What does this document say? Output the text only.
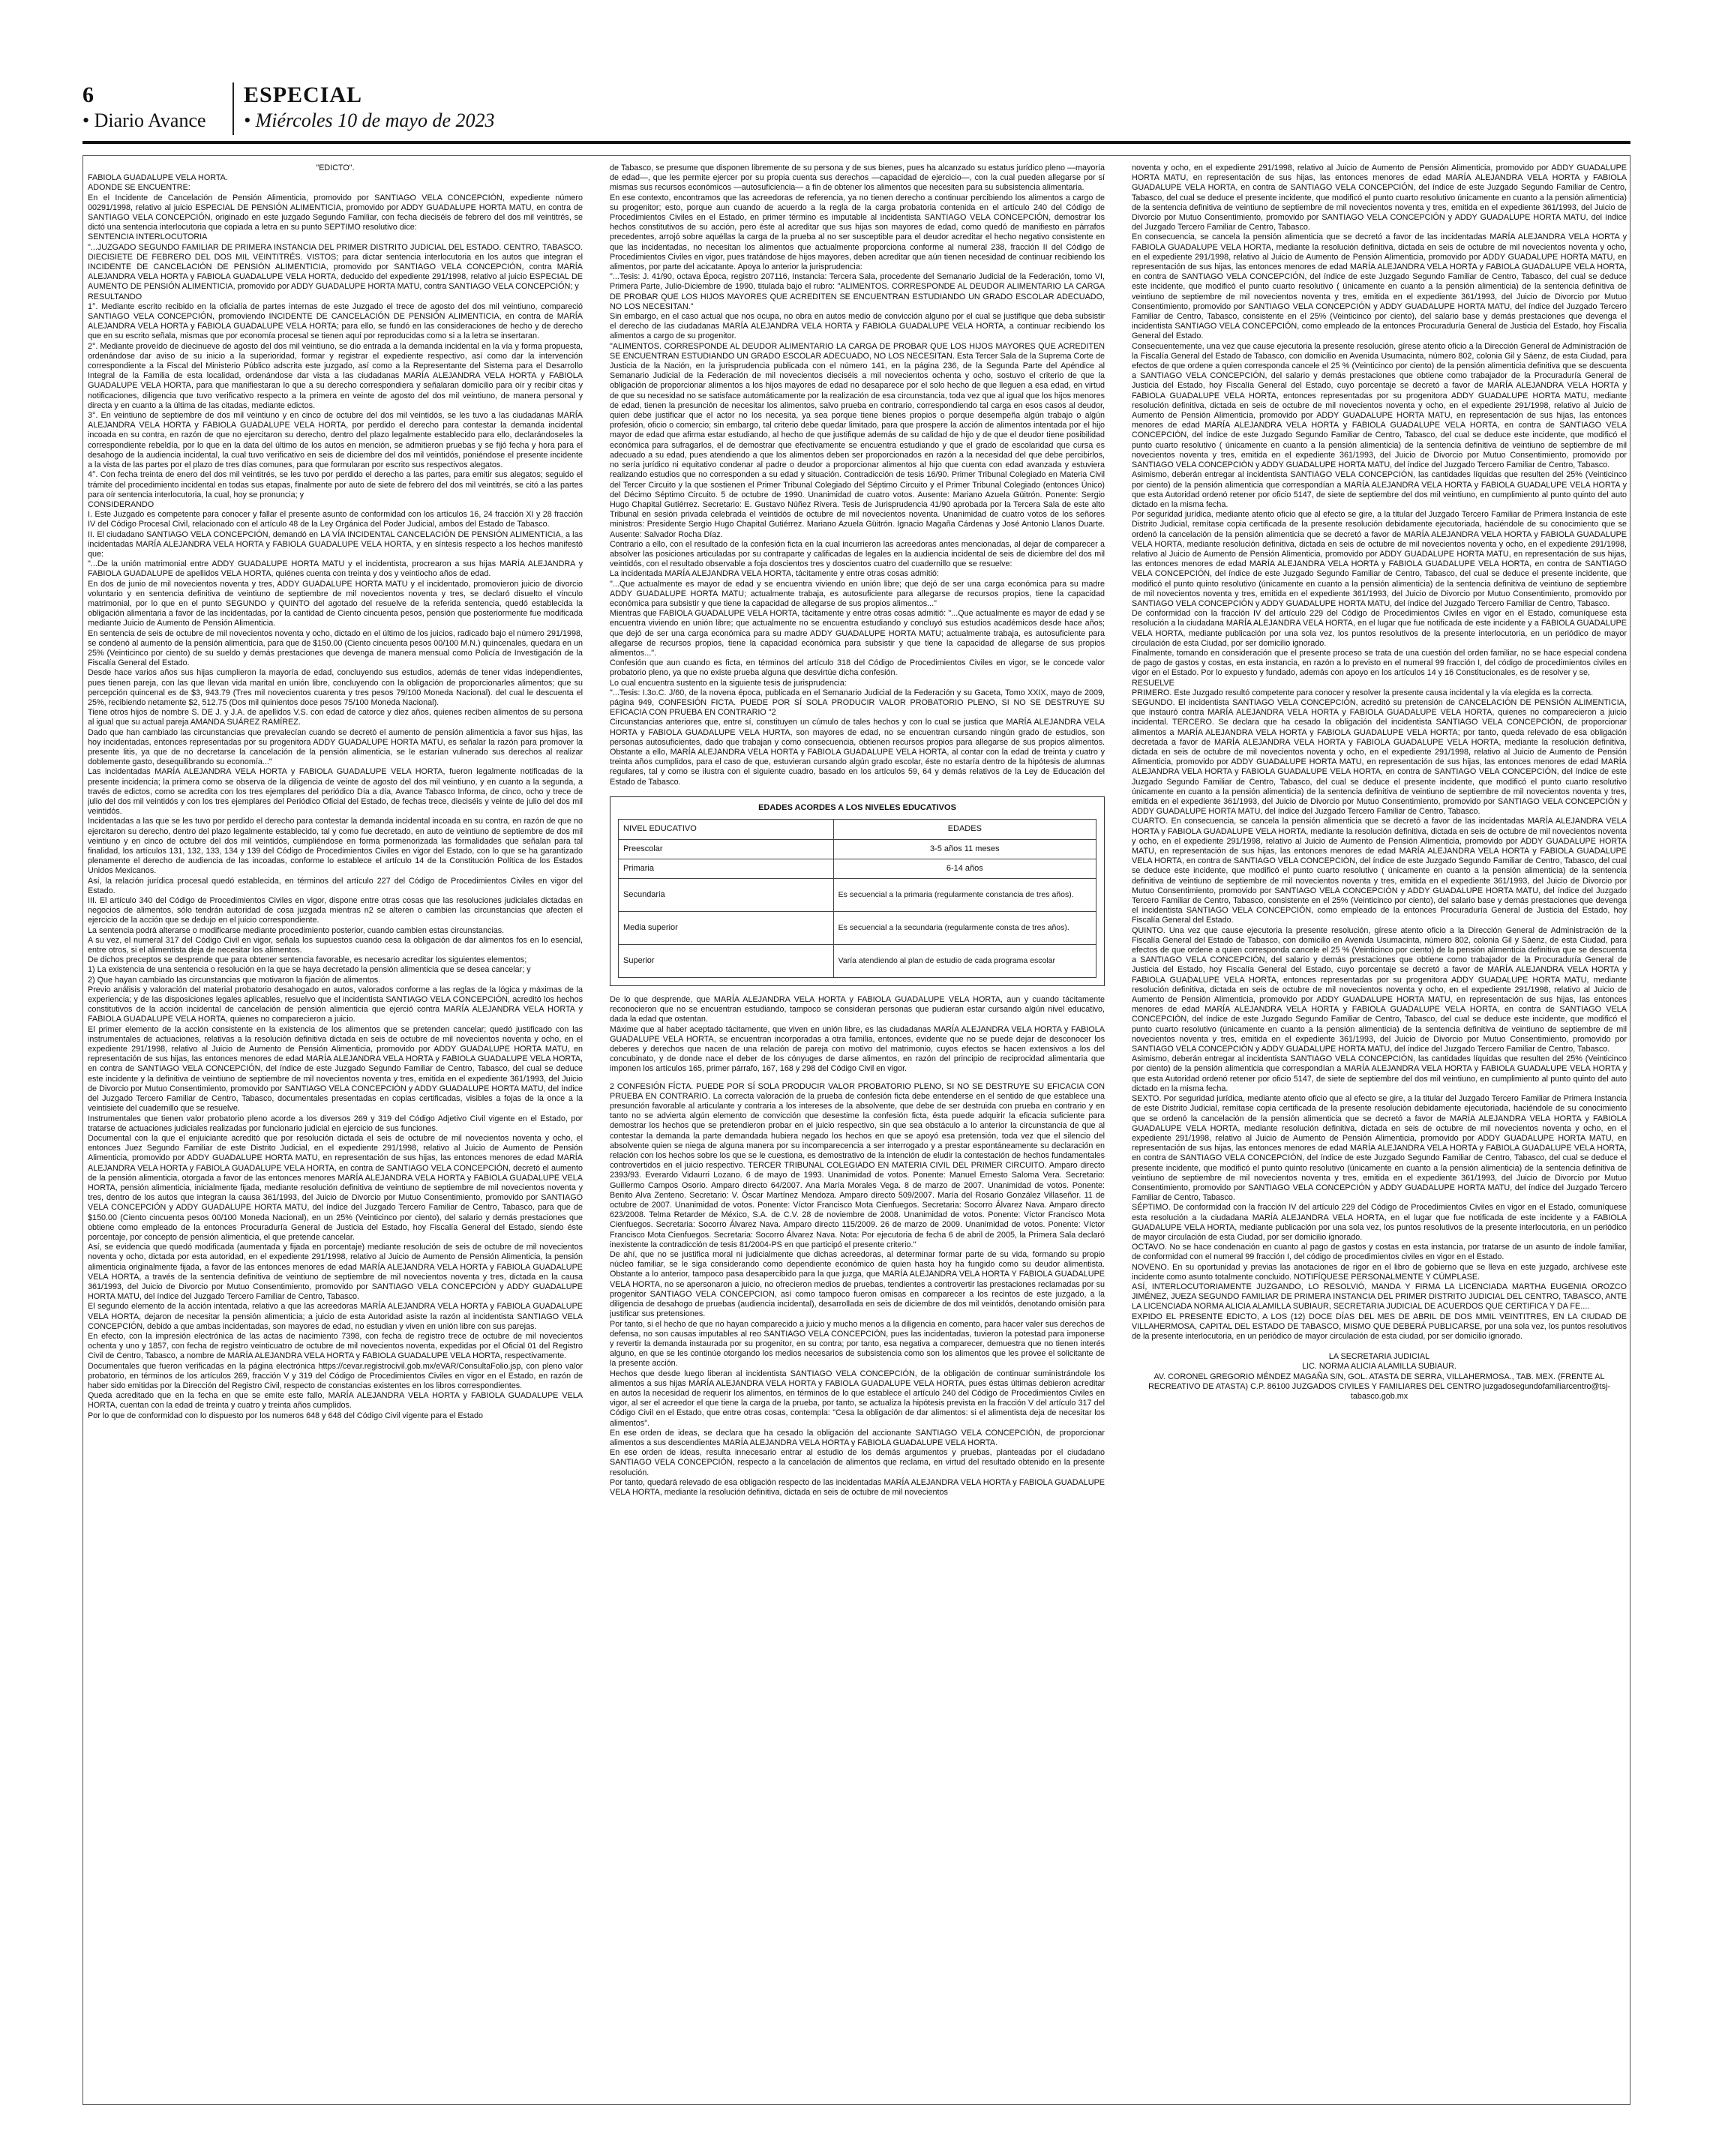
6
• Diario Avance
ESPECIAL
• Miércoles 10 de mayo de 2023

"EDICTO".

FABIOLA GUADALUPE VELA HORTA.

ADONDE SE ENCUENTRE:

En el Incidente de Cancelación de Pensión Alimenticia, promovido por SANTIAGO VELA CONCEPCIÓN, expediente número 00291/1998, relativo al juicio ESPECIAL DE PENSIÓN ALIMENTICIA, promovido por ADDY GUADALUPE HORTA MATU, en contra de SANTIAGO VELA CONCEPCIÓN, originado en este juzgado Segundo Familiar, con fecha dieciséis de febrero del dos mil veintitrés, se dictó una sentencia interlocutoria que copiada a letra en su punto SEPTIMO resolutivo dice:

SENTENCIA INTERLOCUTORIA

"...JUZGADO SEGUNDO FAMILIAR DE PRIMERA INSTANCIA DEL PRIMER DISTRITO JUDICIAL DEL ESTADO. CENTRO, TABASCO. DIECISIETE DE FEBRERO DEL DOS MIL VEINTITRÉS. VISTOS; para dictar sentencia interlocutoria en los autos que integran el INCIDENTE DE CANCELACIÓN DE PENSIÓN ALIMENTICIA, promovido por SANTIAGO VELA CONCEPCIÓN, contra MARÍA ALEJANDRA VELA HORTA y FABIOLA GUADALUPE VELA HORTA, deducido del expediente 291/1998, relativo al juicio ESPECIAL DE AUMENTO DE PENSIÓN ALIMENTICIA, promovido por ADDY GUADALUPE HORTA MATU, contra SANTIAGO VELA CONCEPCIÓN; y

RESULTANDO

1°. Mediante escrito recibido en la oficialía de partes internas de este Juzgado el trece de agosto del dos mil veintiuno, compareció SANTIAGO VELA CONCEPCIÓN, promoviendo INCIDENTE DE CANCELACIÓN DE PENSIÓN ALIMENTICIA, en contra de MARÍA ALEJANDRA VELA HORTA y FABIOLA GUADALUPE VELA HORTA; para ello, se fundó en las consideraciones de hecho y de derecho que en su escrito señala, mismas que por economía procesal se tienen aquí por reproducidas como si a la letra se insertaran.

2°. Mediante proveído de diecinueve de agosto del dos mil veintiuno, se dio entrada a la demanda incidental en la vía y forma propuesta, ordenándose dar aviso de su inicio a la superioridad, formar y registrar el expediente respectivo, así como dar la intervención correspondiente a la Fiscal del Ministerio Público adscrita este juzgado, así como a la Representante del Sistema para el Desarrollo Integral de la Familia de esta localidad, ordenándose dar vista a las ciudadanas MARÍA ALEJANDRA VELA HORTA y FABIOLA GUADALUPE VELA HORTA, para que manifiestaran lo que a su derecho correspondiera y señalaran domicilio para oír y recibir citas y notificaciones, diligencia que tuvo verificativo respecto a la primera en veinte de agosto del dos mil veintiuno, de manera personal y directa y en cuanto a la última de las citadas, mediante edictos.

3°. En veintiuno de septiembre de dos mil veintiuno y en cinco de octubre del dos mil veintidós, se les tuvo a las ciudadanas MARÍA ALEJANDRA VELA HORTA y FABIOLA GUADALUPE VELA HORTA, por perdido el derecho para contestar la demanda incidental incoada en su contra, en razón de que no ejercitaron su derecho, dentro del plazo legalmente establecido para ello, declarándoseles la correspondiente rebeldía, por lo que en la data del último de los autos en mención, se admitieron pruebas y se fijó fecha y hora para el desahogo de la audiencia incidental, la cual tuvo verificativo en seis de diciembre del dos mil veintidós, poniéndose el presente incidente a la vista de las partes por el plazo de tres días comunes, para que formularan por escrito sus respectivos alegatos.

4°. Con fecha treinta de enero del dos mil veintitrés, se les tuvo por perdido el derecho a las partes, para emitir sus alegatos; seguido el trámite del procedimiento incidental en todas sus etapas, finalmente por auto de siete de febrero del dos mil veintitrés, se citó a las partes para oír sentencia interlocutoria, la cual, hoy se pronuncia; y

CONSIDERANDO

I. Este Juzgado es competente para conocer y fallar el presente asunto de conformidad con los artículos 16, 24 fracción XI y 28 fracción IV del Código Procesal Civil, relacionado con el artículo 48 de la Ley Orgánica del Poder Judicial, ambos del Estado de Tabasco.

II. El ciudadano SANTIAGO VELA CONCEPCIÓN, demandó en LA VÍA INCIDENTAL CANCELACIÓN DE PENSIÓN ALIMENTICIA, a las incidentadas MARÍA ALEJANDRA VELA HORTA y FABIOLA GUADALUPE VELA HORTA, y en síntesis respecto a los hechos manifestó que:

"...De la unión matrimonial entre ADDY GUADALUPE HORTA MATU y el incidentista, procrearon a sus hijas MARÍA ALEJANDRA y FABIOLA GUADALUPE de apellidos VELA HORTA, quiénes cuenta con treinta y dos y veintiocho años de edad.

En dos de junio de mil novecientos noventa y tres, ADDY GUADALUPE HORTA MATU y el incidentado, promovieron juicio de divorcio voluntario y en sentencia definitiva de veintiuno de septiembre de mil novecientos noventa y tres, se declaró disuelto el vínculo matrimonial, por lo que en el punto SEGUNDO y QUINTO del agotado del resuelve de la referida sentencia, quedó establecida la obligación alimentaria a favor de las incidentadas, por la cantidad de Ciento cincuenta pesos, pensión que posteriormente fue modificada mediante Juicio de Aumento de Pensión Alimenticia.

En sentencia de seis de octubre de mil novecientos noventa y ocho, dictado en el último de los juicios, radicado bajo el número 291/1998, se condenó al aumento de la pensión alimenticia, para que de $150.00 (Ciento cincuenta pesos 00/100 M.N.) quincenales, quedara en un 25% (Veinticinco por ciento) de su sueldo y demás prestaciones que devenga de manera mensual como Policía de Investigación de la Fiscalía General del Estado.

Desde hace varios años sus hijas cumplieron la mayoría de edad, concluyendo sus estudios, además de tener vidas independientes, pues tienen pareja, con las que llevan vida marital en unión libre, concluyendo con la obligación de proporcionarles alimentos; que su percepción quincenal es de $3, 943.79 (Tres mil novecientos cuarenta y tres pesos 79/100 Moneda Nacional). del cual le descuenta el 25%, recibiendo netamente $2, 512.75 (Dos mil quinientos doce pesos 75/100 Moneda Nacional).

Tiene otros hijos de nombre S. DE J. y J.A. de apellidos V.S. con edad de catorce y diez años, quienes reciben alimentos de su persona al igual que su actual pareja AMANDA SUÁREZ RAMÍREZ.

Dado que han cambiado las circunstancias que prevalecían cuando se decretó el aumento de pensión alimenticia a favor sus hijas, las hoy incidentadas, entonces representadas por su progenitora ADDY GUADALUPE HORTA MATU, es señalar la razón para promover la presente litis, ya que de no decretarse la cancelación de la pensión alimenticia, se le estarían vulnerado sus derechos al realizar doblemente gasto, desequilibrando su economía..."

Las incidentadas MARÍA ALEJANDRA VELA HORTA y FABIOLA GUADALUPE VELA HORTA, fueron legalmente notificadas de la presente incidencia; la primera como se observa de la diligencia de veinte de agosto del dos mil veintiuno, y en cuanto a la segunda, a través de edictos, como se acredita con los tres ejemplares del periódico Día a día, Avance Tabasco Informa, de cinco, ocho y trece de julio del dos mil veintidós y con los tres ejemplares del Periódico Oficial del Estado, de fechas trece, dieciséis y veinte de julio del dos mil veintidós.

Incidentadas a las que se les tuvo por perdido el derecho para contestar la demanda incidental incoada en su contra, en razón de que no ejercitaron su derecho, dentro del plazo legalmente establecido, tal y como fue decretado, en auto de veintiuno de septiembre de dos mil veintiuno y en cinco de octubre del dos mil veintidós, cumpliéndose en forma pormenorizada las formalidades que señalan para tal finalidad, los artículos 131, 132, 133, 134 y 139 del Código de Procedimientos Civiles en vigor del Estado, con lo que se ha garantizado plenamente el derecho de audiencia de las incoadas, conforme lo establece el artículo 14 de la Constitución Política de los Estados Unidos Mexicanos.

Así, la relación jurídica procesal quedó establecida, en términos del artículo 227 del Código de Procedimientos Civiles en vigor del Estado.

III. El artículo 340 del Código de Procedimientos Civiles en vigor, dispone entre otras cosas que las resoluciones judiciales dictadas en negocios de alimentos, sólo tendrán autoridad de cosa juzgada mientras n2 se alteren o cambien las circunstancias que afecten el ejercicio de la acción que se dedujo en el juicio correspondiente.

La sentencia podrá alterarse o modificarse mediante procedimiento posterior, cuando cambien estas circunstancias.

A su vez, el numeral 317 del Código Civil en vigor, señala los supuestos cuando cesa la obligación de dar alimentos fos en lo esencial, entre otros, si el alimentista deja de necesitar los alimentos.

De dichos preceptos se desprende que para obtener sentencia favorable, es necesario acreditar los siguientes elementos;

1) La existencia de una sentencia o resolución en la que se haya decretado la pensión alimenticia que se desea cancelar; y

2) Que hayan cambiado las circunstancias que motivaron la fijación de alimentos.

Previo análisis y valoración del material probatorio desahogado en autos, valorados conforme a las reglas de la lógica y máximas de la experiencia; y de las disposiciones legales aplicables, resuelvo que el incidentista SANTIAGO VELA CONCEPCIÓN, acreditó los hechos constitutivos de la acción incidental de cancelación de pensión alimenticia que ejerció contra MARÍA ALEJANDRA VELA HORTA y FABIOLA GUADALUPE VELA HORTA, quienes no comparecieron a juicio.

El primer elemento de la acción consistente en la existencia de los alimentos que se pretenden cancelar; quedó justificado con las instrumentales de actuaciones, relativas a la resolución definitiva dictada en seis de octubre de mil novecientos noventa y ocho, en el expediente 291/1998, relativo al Juicio de Aumento de Pensión Alimenticia, promovido por ADDY GUADALUPE HORTA MATU, en representación de sus hijas, las entonces menores de edad MARÍA ALEJANDRA VELA HORTA y FABIOLA GUADALUPE VELA HORTA, en contra de SANTIAGO VELA CONCEPCIÓN, del índice de este Juzgado Segundo Familiar de Centro, Tabasco, del cual se deduce este incidente y la definitiva de veintiuno de septiembre de mil novecientos noventa y tres, emitida en el expediente 361/1993, del Juicio de Divorcio por Mutuo Consentimiento, promovido por SANTIAGO VELA CONCEPCIÓN y ADDY GUADALUPE HORTA MATU, del índice del Juzgado Tercero Familiar de Centro, Tabasco, documentales presentadas en copias certificadas, visibles a fojas de la once a la veintisiete del cuadernillo que se resuelve.

Instrumentales que tienen valor probatorio pleno acorde a los diversos 269 y 319 del Código Adjetivo Civil vigente en el Estado, por tratarse de actuaciones judiciales realizadas por funcionario judicial en ejercicio de sus funciones.

Documental con la que el enjuiciante acreditó que por resolución dictada el seis de octubre de mil novecientos noventa y ocho, el entonces Juez Segundo Familiar de este Distrito Judicial, en el expediente 291/1998, relativo al Juicio de Aumento de Pensión Alimenticia, promovido por ADDY GUADALUPE HORTA MATU, en representación de sus hijas, las entonces menores de edad MARÍA ALEJANDRA VELA HORTA y FABIOLA GUADALUPE VELA HORTA, en contra de SANTIAGO VELA CONCEPCIÓN, decretó el aumento de la pensión alimenticia, otorgada a favor de las entonces menores MARÍA ALEJANDRA VELA HORTA y FABIOLA GUADALUPE VELA HORTA, pensión alimenticia, inicialmente fijada, mediante resolución definitiva de veintiuno de septiembre de mil novecientos noventa y tres, dentro de los autos que integran la causa 361/1993, del Juicio de Divorcio por Mutuo Consentimiento, promovido por SANTIAGO VELA CONCEPCIÓN y ADDY GUADALUPE HORTA MATU, del índice del Juzgado Tercero Familiar de Centro, Tabasco, para que de $150.00 (Ciento cincuenta pesos 00/100 Moneda Nacional), en un 25% (Veinticinco por ciento), del salario y demás prestaciones que obtiene como empleado de la entonces Procuraduría General de Justicia del Estado, hoy Fiscalía General del Estado, siendo éste porcentaje, por concepto de pensión alimenticia, el que pretende cancelar.

Así, se evidencia que quedó modificada (aumentada y fijada en porcentaje) mediante resolución de seis de octubre de mil novecientos noventa y ocho, dictada por esta autoridad, en el expediente 291/1998, relativo al Juicio de Aumento de Pensión Alimenticia, la pensión alimenticia originalmente fijada, a favor de las entonces menores de edad MARÍA ALEJANDRA VELA HORTA y FABIOLA GUADALUPE VELA HORTA, a través de la sentencia definitiva de veintiuno de septiembre de mil novecientos noventa y tres, dictada en la causa 361/1993, del Juicio de Divorcio por Mutuo Consentimiento, promovido por SANTIAGO VELA CONCEPCIÓN y ADDY GUADALUPE HORTA MATU, del índice del Juzgado Tercero Familiar de Centro, Tabasco.

El segundo elemento de la acción intentada, relativo a que las acreedoras MARÍA ALEJANDRA VELA HORTA y FABIOLA GUADALUPE VELA HORTA, dejaron de necesitar la pensión alimenticia; a juicio de esta Autoridad asiste la razón al incidentista SANTIAGO VELA CONCEPCIÓN, debido a que ambas incidentadas, son mayores de edad, no estudian y viven en unión libre con sus parejas.

En efecto, con la impresión electrónica de las actas de nacimiento 7398, con fecha de registro trece de octubre de mil novecientos ochenta y uno y 1857, con fecha de registro veinticuatro de octubre de mil novecientos noventa, expedidas por el Oficial 01 del Registro Civil de Centro, Tabasco, a nombre de MARÍA ALEJANDRA VELA HORTA y FABIOLA GUADALUPE VELA HORTA, respectivamente.

Documentales que fueron verificadas en la página electrónica https://cevar.registrocivil.gob.mx/eVAR/ConsultaFolio.jsp, con pleno valor probatorio, en términos de los artículos 269, fracción V y 319 del Código de Procedimientos Civiles en vigor en el Estado, en razón de haber sido emitidas por la Dirección del Registro Civil, respecto de constancias existentes en los libros correspondientes.

Queda acreditado que en la fecha en que se emite este fallo, MARÍA ALEJANDRA VELA HORTA y FABIOLA GUADALUPE VELA HORTA, cuentan con la edad de treinta y cuatro y treinta años cumplidos.

Por lo que de conformidad con lo dispuesto por los numeros 648 y 648 del Código Civil vigente para el Estado

de Tabasco, se presume que disponen libremente de su persona y de sus bienes, pues ha alcanzado su estatus jurídico pleno —mayoría de edad—, que les permite ejercer por su propia cuenta sus derechos —capacidad de ejercicio—, con la cual pueden allegarse por sí mismas sus recursos económicos —autosuficiencia— a fin de obtener los alimentos que necesiten para su subsistencia alimentaria.

En ese contexto, encontramos que las acreedoras de referencia, ya no tienen derecho a continuar percibiendo los alimentos a cargo de su progenitor; esto, porque aun cuando de acuerdo a la regla de la carga probatoria contenida en el artículo 240 del Código de Procedimientos Civiles en el Estado, en primer término es imputable al incidentista SANTIAGO VELA CONCEPCIÓN, demostrar los hechos constitutivos de su acción, pero éste al acreditar que sus hijas son mayores de edad, como quedó de manifiesto en párrafos precedentes, arrojó sobre aquéllas la carga de la prueba al no ser susceptible para el deudor acreditar el hecho negativo consistente en que las incidentadas, no necesitan los alimentos que actualmente proporciona conforme al numeral 238, fracción II del Código de Procedimientos Civiles en vigor, pues tratándose de hijos mayores, deben acreditar que aún tienen necesidad de continuar recibiendo los alimentos, por parte del acicatante. Apoya lo anterior la jurisprudencia:

"...Tesis: J. 41/90, octava Época, registro 207116, Instancia: Tercera Sala, procedente del Semanario Judicial de la Federación, tomo VI, Primera Parte, Julio-Diciembre de 1990, titulada bajo el rubro: "ALIMENTOS. CORRESPONDE AL DEUDOR ALIMENTARIO LA CARGA DE PROBAR QUE LOS HIJOS MAYORES QUE ACREDITEN SE ENCUENTRAN ESTUDIANDO UN GRADO ESCOLAR ADECUADO, NO LOS NECESITAN."

Sin embargo, en el caso actual que nos ocupa, no obra en autos medio de convicción alguno por el cual se justifique que deba subsistir el derecho de las ciudadanas MARÍA ALEJANDRA VELA HORTA y FABIOLA GUADALUPE VELA HORTA, a continuar recibiendo los alimentos a cargo de su progenitor.

"ALIMENTOS. CORRESPONDE AL DEUDOR ALIMENTARIO LA CARGA DE PROBAR QUE LOS HIJOS MAYORES QUE ACREDITEN SE ENCUENTRAN ESTUDIANDO UN GRADO ESCOLAR ADECUADO, NO LOS NECESITAN. Esta Tercer Sala de la Suprema Corte de Justicia de la Nación, en la jurisprudencia publicada con el número 141, en la página 236, de la Segunda Parte del Apéndice al Semanario Judicial de la Federación de mil novecientos dieciséis a mil novecientos ochenta y ocho, sostuvo el criterio de que la obligación de proporcionar alimentos a los hijos mayores de edad no desaparece por el solo hecho de que lleguen a esa edad, en virtud de que su necesidad no se satisface automáticamente por la realización de esa circunstancia, toda vez que al igual que los hijos menores de edad, tienen la presunción de necesitar los alimentos, salvo prueba en contrario, correspondiendo tal carga en esos casos al deudor, quien debe justificar que el actor no los necesita, ya sea porque tiene bienes propios o porque desempeña algún trabajo o algún profesión, oficio o comercio; sin embargo, tal criterio debe quedar limitado, para que prospere la acción de alimentos intentada por el hijo mayor de edad que afirma estar estudiando, al hecho de que justifique además de su calidad de hijo y de que el deudor tiene posibilidad económica para sufragarlos, el de demostrar que efectivamente se encuentra estudiando y que el grado de escolaridad que cursa es adecuado a su edad, pues atendiendo a que los alimentos deben ser proporcionados en razón a la necesidad del que debe percibirlos, no sería jurídico ni equitativo condenar al padre o deudor a proporcionar alimentos al hijo que cuenta con edad avanzada y estuviera realizando estudios que no corresponden a su edad y situación. Contradicción de tesis 16/90. Primer Tribunal Colegiado en Materia Civil del Tercer Circuito y la que sostienen el Primer Tribunal Colegiado del Séptimo Circuito y el Primer Tribunal Colegiado (entonces Único) del Décimo Séptimo Circuito. 5 de octubre de 1990. Unanimidad de cuatro votos. Ausente: Mariano Azuela Güitrón. Ponente: Sergio Hugo Chapital Gutiérrez. Secretario: E. Gustavo Núñez Rivera. Tesis de Jurisprudencia 41/90 aprobada por la Tercera Sala de este alto Tribunal en sesión privada celebrada el veintidós de octubre de mil novecientos noventa. Unanimidad de cuatro votos de los señores ministros: Presidente Sergio Hugo Chapital Gutiérrez. Mariano Azuela Güitrón. Ignacio Magaña Cárdenas y José Antonio Llanos Duarte. Ausente: Salvador Rocha Díaz.

Contrario a ello, con el resultado de la confesión ficta en la cual incurrieron las acreedoras antes mencionadas, al dejar de comparecer a absolver las posiciones articuladas por su contraparte y calificadas de legales en la audiencia incidental de seis de diciembre del dos mil veintidós, con el resultado observable a foja doscientos tres y doscientos cuatro del cuadernillo que se resuelve:

La incidentada MARÍA ALEJANDRA VELA HORTA, tácitamente y entre otras cosas admitió:

"...Que actualmente es mayor de edad y se encuentra viviendo en unión libre; que dejó de ser una carga económica para su madre ADDY GUADALUPE HORTA MATU; actualmente trabaja, es autosuficiente para allegarse de recursos propios, tiene la capacidad económica para subsistir y que tiene la capacidad de allegarse de sus propios alimentos..."

Mientras que FABIOLA GUADALUPE VELA HORTA, tácitamente y entre otras cosas admitió: "...Que actualmente es mayor de edad y se encuentra viviendo en unión libre; que actualmente no se encuentra estudiando y concluyó sus estudios académicos desde hace años; que dejó de ser una carga económica para su madre ADDY GUADALUPE HORTA MATU; actualmente trabaja, es autosuficiente para allegarse de recursos propios, tiene la capacidad económica para subsistir y que tiene la capacidad de allegarse de sus propios alimentos...".

Confesión que aun cuando es ficta, en términos del artículo 318 del Código de Procedimientos Civiles en vigor, se le concede valor probatorio pleno, ya que no existe prueba alguna que desvirtúe dicha confesión.

Lo cual encuentra sustento en la siguiente tesis de jurisprudencia:

"...Tesis: I.3o.C. J/60, de la novena época, publicada en el Semanario Judicial de la Federación y su Gaceta, Tomo XXIX, mayo de 2009, página 949, CONFESIÓN FICTA. PUEDE POR SÍ SOLA PRODUCIR VALOR PROBATORIO PLENO, SI NO SE DESTRUYE SU EFICACIA CON PRUEBA EN CONTRARIO "2

Circunstancias anteriores que, entre sí, constituyen un cúmulo de tales hechos y con lo cual se justica que MARÍA ALEJANDRA VELA HORTA y FABIOLA GUADALUPE VELA HURTA, son mayores de edad, no se encuentran cursando ningún grado de estudios, son personas autosuficientes, dado que trabajan y como consecuencia, obtienen recursos propios para allegarse de sus propios alimentos. Obstante a ello, MARÍA ALEJANDRA VELA HORTA y FABIOLA GUADALUPE VELA HORTA, al contar con la edad de treinta y cuatro y treinta años cumplidos, para el caso de que, estuvieran cursando algún grado escolar, éste no estaría dentro de la hipótesis de alumnas regulares, tal y como se ilustra con el siguiente cuadro, basado en los artículos 59, 64 y demás relativos de la Ley de Educación del Estado de Tabasco.

EDADES ACORDES A LOS NIVELES EDUCATIVOS
NIVEL EDUCATIVO	EDADES
Preescolar	3-5 años 11 meses
Primaria	6-14 años
Secundaria	Es secuencial a la primaria (regularmente constancia de tres años).
Media superior	Es secuencial a la secundaria (regularmente consta de tres años).
Superior	Varía atendiendo al plan de estudio de cada programa escolar

De lo que desprende, que MARÍA ALEJANDRA VELA HORTA y FABIOLA GUADALUPE VELA HORTA, aun y cuando tácitamente reconocieron que no se encuentran estudiando, tampoco se consideran personas que pudieran estar cursando algún nivel educativo, dada la edad que ostentan.

Máxime que al haber aceptado tácitamente, que viven en unión libre, es las ciudadanas MARÍA ALEJANDRA VELA HORTA y FABIOLA GUADALUPE VELA HORTA, se encuentran incorporadas a otra familia, entonces, evidente que no se puede dejar de desconocer los deberes y derechos que nacen de una relación de pareja con motivo del matrimonio, cuyos efectos se hacen extensivos a los del concubinato, y de donde nace el deber de los cónyuges de darse alimentos, en razón del principio de reciprocidad alimentaria que imponen los artículos 165, primer párrafo, 167, 168 y 298 del Código Civil en vigor.

2 CONFESIÓN FÍCTA. PUEDE POR SÍ SOLA PRODUCIR VALOR PROBATORIO PLENO, SI NO SE DESTRUYE SU EFICACIA CON PRUEBA EN CONTRARIO. La correcta valoración de la prueba de confesión ficta debe entenderse en el sentido de que establece una presunción favorable al articulante y contraria a los intereses de la absolvente, que debe de ser destruida con prueba en contrario y en tanto no se advierta algún elemento de convicción que desestime la confesión ficta, ésta puede adquirir la eficacia suficiente para demostrar los hechos que se pretendieron probar en el juicio respectivo, sin que sea obstáculo a lo anterior la circunstancia de que al contestar la demanda la parte demandada hubiera negado los hechos en que se apoyó esa pretensión, toda vez que el silencio del absolvente quien se niega de alguna manera por su incomparecencia a ser interrogado y a prestar espontáneamente su declaración en relación con los hechos sobre los que se le cuestiona, es demostrativo de la intención de eludir la contestación de hechos fundamentales controvertidos en el juicio respectivo. TERCER TRIBUNAL COLEGIADO EN MATERIA CIVIL DEL PRIMER CIRCUITO. Amparo directo 2393/93. Everardo Vidaurri Lozano. 6 de mayo de 1993. Unanimidad de votos. Ponente: Manuel Ernesto Saloma Vera. Secretario: Guillermo Campos Osorio. Amparo directo 64/2007. Ana María Morales Vega. 8 de marzo de 2007. Unanimidad de votos. Ponente: Benito Alva Zenteno. Secretario: V. Óscar Martínez Mendoza. Amparo directo 509/2007. María del Rosario González Villaseñor. 11 de octubre de 2007. Unanimidad de votos. Ponente: Víctor Francisco Mota Cienfuegos. Secretaria: Socorro Álvarez Nava. Amparo directo 623/2008. Telma Retarder de México, S.A. de C.V. 28 de noviembre de 2008. Unanimidad de votos. Ponente: Víctor Francisco Mota Cienfuegos. Secretaria: Socorro Álvarez Nava. Amparo directo 115/2009. 26 de marzo de 2009. Unanimidad de votos. Ponente: Víctor Francisco Mota Cienfuegos. Secretaria: Socorro Álvarez Nava. Nota: Por ejecutoria de fecha 6 de abril de 2005, la Primera Sala declaró inexistente la contradicción de tesis 81/2004-PS en que participó el presente criterio."

De ahí, que no se justifica moral ni judicialmente que dichas acreedoras, al determinar formar parte de su vida, formando su propio núcleo familiar, se le siga considerando como dependiente económico de quien hasta hoy ha fungido como su deudor alimentista. Obstante a lo anterior, tampoco pasa desapercibido para la que juzga, que MARÍA ALEJANDRA VELA HORTA Y FABIOLA GUADALUPE VELA HORTA, no se apersonaron a juicio, no ofrecieron medios de pruebas, tendientes a controvertir las prestaciones reclamadas por su progenitor SANTIAGO VELA CONCEPCION, así como tampoco fueron omisas en comparecer a los recintos de este juzgado, a la diligencia de desahogo de pruebas (audiencia incidental), desarrollada en seis de diciembre de dos mil veintidós, denotando omisión para justificar sus pretensiones.

Por tanto, si el hecho de que no hayan comparecido a juicio y mucho menos a la diligencia en comento, para hacer valer sus derechos de defensa, no son causas imputables al reo SANTIAGO VELA CONCEPCIÓN, pues las incidentadas, tuvieron la potestad para imponerse y revertir la demanda instaurada por su progenitor, en su contra; por tanto, esa negativa a comparecer, demuestra que no tienen interés alguno, en que se les continúe otorgando los medios necesarios de subsistencia como son los alimentos que les provee el solicitante de la presente acción.

Hechos que desde luego liberan al incidentista SANTIAGO VELA CONCEPCIÓN, de la obligación de continuar suministrándole los alimentos a sus hijas MARÍA ALEJANDRA VELA HORTA y FABIOLA GUADALUPE VELA HORTA, pues éstas últimas debieron acreditar en autos la necesidad de requerir los alimentos, en términos de lo que establece el artículo 240 del Código de Procedimientos Civiles en vigor, al ser el acreedor el que tiene la carga de la prueba, por tanto, se actualiza la hipótesis prevista en la fracción V del artículo 317 del Código Civil en el Estado, que entre otras cosas, contempla: "Cesa la obligación de dar alimentos: si el alimentista deja de necesitar los alimentos".

En ese orden de ideas, se declara que ha cesado la obligación del accionante SANTIAGO VELA CONCEPCIÓN, de proporcionar alimentos a sus descendientes MARÍA ALEJANDRA VELA HORTA y FABIOLA GUADALUPE VELA HORTA.

En ese orden de ideas, resulta innecesario entrar al estudio de los demás argumentos y pruebas, planteadas por el ciudadano SANTIAGO VELA CONCEPCIÓN, respecto a la cancelación de alimentos que reclama, en virtud del resultado obtenido en la presente resolución.

Por tanto, quedará relevado de esa obligación respecto de las incidentadas MARÍA ALEJANDRA VELA HORTA y FABIOLA GUADALUPE VELA HORTA, mediante la resolución definitiva, dictada en seis de octubre de mil novecientos

noventa y ocho, en el expediente 291/1998, relativo al Juicio de Aumento de Pensión Alimenticia, promovido por ADDY GUADALUPE HORTA MATU, en representación de sus hijas, las entonces menores de edad MARÍA ALEJANDRA VELA HORTA y FABIOLA GUADALUPE VELA HORTA, en contra de SANTIAGO VELA CONCEPCIÓN, del índice de este Juzgado Segundo Familiar de Centro, Tabasco, del cual se deduce el presente incidente, que modificó el punto cuarto resolutivo únicamente en cuanto a la pensión alimenticia) de la sentencia definitiva de veintiuno de septiembre de mil novecientos noventa y tres, emitida en el expediente 361/1993, del Juicio de Divorcio por Mutuo Consentimiento, promovido por SANTIAGO VELA CONCEPCIÓN y ADDY GUADALUPE HORTA MATU, del índice del Juzgado Tercero Familiar de Centro, Tabasco.

En consecuencia, se cancela la pensión alimenticia que se decretó a favor de las incidentadas MARÍA ALEJANDRA VELA HORTA y FABIOLA GUADALUPE VELA HORTA, mediante la resolución definitiva, dictada en seis de octubre de mil novecientos noventa y ocho, en el expediente 291/1998, relativo al Juicio de Aumento de Pensión Alimenticia, promovido por ADDY GUADALUPE HORTA MATU, en representación de sus hijas, las entonces menores de edad MARÍA ALEJANDRA VELA HORTA y FABIOLA GUADALUPE VELA HORTA, en contra de SANTIAGO VELA CONCEPCIÓN, del índice de este Juzgado Segundo Familiar de Centro, Tabasco, del cual se deduce este incidente, que modificó el punto cuarto resolutivo ( únicamente en cuanto a la pensión alimenticia) de la sentencia definitiva de veintiuno de septiembre de mil novecientos noventa y tres, emitida en el expediente 361/1993, del Juicio de Divorcio por Mutuo Consentimiento, promovido por SANTIAGO VELA CONCEPCIÓN y ADDY GUADALUPE HORTA MATU, del índice del Juzgado Tercero Familiar de Centro, Tabasco, consistente en el 25% (Veinticinco por ciento), del salario base y demás prestaciones que devenga el incidentista SANTIAGO VELA CONCEPCIÓN, como empleado de la entonces Procuraduría General de Justicia del Estado, hoy Fiscalía General del Estado.

Consecuentemente, una vez que cause ejecutoria la presente resolución, gírese atento oficio a la Dirección General de Administración de la Fiscalía General del Estado de Tabasco, con domicilio en Avenida Usumacinta, número 802, colonia Gil y Sáenz, de esta Ciudad, para efectos de que ordene a quien corresponda cancele el 25 % (Veinticinco por ciento) de la pensión alimenticia definitiva que se descuenta a SANTIAGO VELA CONCEPCIÓN, del salario y demás prestaciones que obtiene como trabajador de la Procuraduría General de Justicia del Estado, hoy Fiscalía General del Estado, cuyo porcentaje se decretó a favor de MARÍA ALEJANDRA VELA HORTA y FABIOLA GUADALUPE VELA HORTA, entonces representadas por su progenitora ADDY GUADALUPE HORTA MATU, mediante resolución definitiva, dictada en seis de octubre de mil novecientos noventa y ocho, en el expediente 291/1998, relativo al Juicio de Aumento de Pensión Alimenticia, promovido por ADDY GUADALUPE HORTA MATU, en representación de sus hijas, las entonces menores de edad MARÍA ALEJANDRA VELA HORTA y FABIOLA GUADALUPE VELA HORTA, en contra de SANTIAGO VELA CONCEPCIÓN, del índice de este Juzgado Segundo Familiar de Centro, Tabasco, del cual se deduce este incidente, que modificó el punto cuarto resolutivo ( únicamente en cuanto a la pensión alimenticia) de la sentencia definitiva de veintiuno de septiembre de mil novecientos noventa y tres, emitida en el expediente 361/1993, del Juicio de Divorcio por Mutuo Consentimiento, promovido por SANTIAGO VELA CONCEPCIÓN y ADDY GUADALUPE HORTA MATU, del índice del Juzgado Tercero Familiar de Centro, Tabasco.

Asimismo, deberán entregar al incidentista SANTIAGO VELA CONCEPCIÓN, las cantidades líquidas que resulten del 25% (Veinticinco por ciento) de la pensión alimenticia que correspondían a MARÍA ALEJANDRA VELA HORTA y FABIOLA GUADALUPE VELA HORTA y que esta Autoridad ordenó retener por oficio 5147, de siete de septiembre del dos mil veintiuno, en cumplimiento al punto quinto del auto dictado en la misma fecha.

Por seguridad jurídica, mediante atento oficio que al efecto se gire, a la titular del Juzgado Tercero Familiar de Primera Instancia de este Distrito Judicial, remítase copia certificada de la presente resolución debidamente ejecutoriada, haciéndole de su conocimiento que se ordenó la cancelación de la pensión alimenticia que se decretó a favor de MARÍA ALEJANDRA VELA HORTA y FABIOLA GUADALUPE VELA HORTA, mediante resolución definitiva, dictada en seis de octubre de mil novecientos noventa y ocho, en el expediente 291/1998, relativo al Juicio de Aumento de Pensión Alimenticia, promovido por ADDY GUADALUPE HORTA MATU, en representación de sus hijas, las entonces menores de edad MARÍA ALEJANDRA VELA HORTA y FABIOLA GUADALUPE VELA HORTA, en contra de SANTIAGO VELA CONCEPCIÓN, del índice de este Juzgado Segundo Familiar de Centro, Tabasco, del cual se deduce el presente incidente, que modificó el punto quinto resolutivo (únicamente en cuanto a la pensión alimenticia) de la sentencia definitiva de veintiuno de septiembre de mil novecientos noventa y tres, emitida en el expediente 361/1993, del Juicio de Divorcio por Mutuo Consentimiento, promovido por SANTIAGO VELA CONCEPCIÓN y ADDY GUADALUPE HORTA MATU, del índice del Juzgado Tercero Familiar de Centro, Tabasco.

De conformidad con la fracción IV del artículo 229 del Código de Procedimientos Civiles en vigor en el Estado, comuníquese esta resolución a la ciudadana MARÍA ALEJANDRA VELA HORTA, en el lugar que fue notificada de este incidente y a FABIOLA GUADALUPE VELA HORTA, mediante publicación por una sola vez, los puntos resolutivos de la presente interlocutoria, en un periódico de mayor circulación de esta Ciudad, por ser domicilio ignorado.

Finalmente, tomando en consideración que el presente proceso se trata de una cuestión del orden familiar, no se hace especial condena de pago de gastos y costas, en esta instancia, en razón a lo previsto en el numeral 99 fracción I, del código de procedimientos civiles en vigor en el Estado. Por lo expuesto y fundado, además con apoyo en los artículos 14 y 16 Constitucionales, es de resolver y se,

RESUELVE

PRIMERO. Este Juzgado resultó competente para conocer y resolver la presente causa incidental y la vía elegida es la correcta.

SEGUNDO. El incidentista SANTIAGO VELA CONCEPCIÓN, acreditó su pretensión de CANCELACIÓN DE PENSIÓN ALIMENTICIA, que instauró contra MARÍA ALEJANDRA VELA HORTA y FABIOLA GUADALUPE VELA HORTA, quienes no comparecieron a juicio incidental. TERCERO. Se declara que ha cesado la obligación del incidentista SANTIAGO VELA CONCEPCIÓN, de proporcionar alimentos a MARÍA ALEJANDRA VELA HORTA y FABIOLA GUADALUPE VELA HORTA; por tanto, queda relevado de esa obligación decretada a favor de MARÍA ALEJANDRA VELA HORTA y FABIOLA GUADALUPE VELA HORTA, mediante la resolución definitiva, dictada en seis de octubre de mil novecientos noventa y ocho, en el expediente 291/1998, relativo al Juicio de Aumento de Pensión Alimenticia, promovido por ADDY GUADALUPE HORTA MATU, en representación de sus hijas, las entonces menores de edad MARÍA ALEJANDRA VELA HORTA y FABIOLA GUADALUPE VELA HORTA, en contra de SANTIAGO VELA CONCEPCIÓN, del índice de este Juzgado Segundo Familiar de Centro, Tabasco, del cual se deduce el presente incidente, que modificó el punto cuarto resolutivo únicamente en cuanto a la pensión alimenticia) de la sentencia definitiva de veintiuno de septiembre de mil novecientos noventa y tres, emitida en el expediente 361/1993, del Juicio de Divorcio por Mutuo Consentimiento, promovido por SANTIAGO VELA CONCEPCIÓN y ADDY GUADALUPE HORTA MATU, del índice del Juzgado Tercero Familiar de Centro, Tabasco.

CUARTO. En consecuencia, se cancela la pensión alimenticia que se decretó a favor de las incidentadas MARÍA ALEJANDRA VELA HORTA y FABIOLA GUADALUPE VELA HORTA, mediante la resolución definitiva, dictada en seis de octubre de mil novecientos noventa y ocho, en el expediente 291/1998, relativo al Juicio de Aumento de Pensión Alimenticia, promovido por ADDY GUADALUPE HORTA MATU, en representación de sus hijas, las entonces menores de edad MARÍA ALEJANDRA VELA HORTA y FABIOLA GUADALUPE VELA HORTA, en contra de SANTIAGO VELA CONCEPCIÓN, del índice de este Juzgado Segundo Familiar de Centro, Tabasco, del cual se deduce este incidente, que modificó el punto cuarto resolutivo ( únicamente en cuanto a la pensión alimenticia) de la sentencia definitiva de veintiuno de septiembre de mil novecientos noventa y tres, emitida en el expediente 361/1993, del Juicio de Divorcio por Mutuo Consentimiento, promovido por SANTIAGO VELA CONCEPCIÓN y ADDY GUADALUPE HORTA MATU, del índice del Juzgado Tercero Familiar de Centro, Tabasco, consistente en el 25% (Veinticinco por ciento), del salario base y demás prestaciones que devenga el incidentista SANTIAGO VELA CONCEPCIÓN, como empleado de la entonces Procuraduría General de Justicia del Estado, hoy Fiscalía General del Estado.

QUINTO. Una vez que cause ejecutoria la presente resolución, gírese atento oficio a la Dirección General de Administración de la Fiscalía General del Estado de Tabasco, con domicilio en Avenida Usumacinta, número 802, colonia Gil y Sáenz, de esta Ciudad, para efectos de que ordene a quien corresponda cancele el 25 % (Veinticinco por ciento) de la pensión alimenticia definitiva que se descuenta a SANTIAGO VELA CONCEPCIÓN, del salario y demás prestaciones que obtiene como trabajador de la Procuraduría General de Justicia del Estado, hoy Fiscalía General del Estado, cuyo porcentaje se decretó a favor de MARÍA ALEJANDRA VELA HORTA y FABIOLA GUADALUPE VELA HORTA, entonces representadas por su progenitora ADDY GUADALUPE HORTA MATU, mediante resolución definitiva, dictada en seis de octubre de mil novecientos noventa y ocho, en el expediente 291/1998, relativo al Juicio de Aumento de Pensión Alimenticia, promovido por ADDY GUADALUPE HORTA MATU, en representación de sus hijas, las entonces menores de edad MARÍA ALEJANDRA VELA HORTA y FABIOLA GUADALUPE VELA HORTA, en contra de SANTIAGO VELA CONCEPCIÓN, del índice de este Juzgado Segundo Familiar de Centro, Tabasco, del cual se deduce este incidente, que modificó el punto cuarto resolutivo (únicamente en cuanto a la pensión alimenticia) de la sentencia definitiva de veintiuno de septiembre de mil novecientos noventa y tres, emitida en el expediente 361/1993, del Juicio de Divorcio por Mutuo Consentimiento, promovido por SANTIAGO VELA CONCEPCIÓN y ADDY GUADALUPE HORTA MATU, del índice del Juzgado Tercero Familiar de Centro, Tabasco.

Asimismo, deberán entregar al incidentista SANTIAGO VELA CONCEPCIÓN, las cantidades líquidas que resulten del 25% (Veinticinco por ciento) de la pensión alimenticia que correspondían a MARÍA ALEJANDRA VELA HORTA y FABIOLA GUADALUPE VELA HORTA y que esta Autoridad ordenó retener por oficio 5147, de siete de septiembre del dos mil veintiuno, en cumplimiento al punto quinto del auto dictado en la misma fecha.

SEXTO. Por seguridad jurídica, mediante atento oficio que al efecto se gire, a la titular del Juzgado Tercero Familiar de Primera Instancia de este Distrito Judicial, remítase copia certificada de la presente resolución debidamente ejecutoriada, haciéndole de su conocimiento que se ordenó la cancelación de la pensión alimenticia que se decretó a favor de MARÍA ALEJANDRA VELA HORTA y FABIOLA GUADALUPE VELA HORTA, mediante resolución definitiva, dictada en seis de octubre de mil novecientos noventa y ocho, en el expediente 291/1998, relativo al Juicio de Aumento de Pensión Alimenticia, promovido por ADDY GUADALUPE HORTA MATU, en representación de sus hijas, las entonces menores de edad MARÍA ALEJANDRA VELA HORTA y FABIOLA GUADALUPE VELA HORTA, en contra de SANTIAGO VELA CONCEPCIÓN, del índice de este Juzgado Segundo Familiar de Centro, Tabasco, del cual se deduce el presente incidente, que modificó el punto quinto resolutivo (únicamente en cuanto a la pensión alimenticia) de la sentencia definitiva de veintiuno de septiembre de mil novecientos noventa y tres, emitida en el expediente 361/1993, del Juicio de Divorcio por Mutuo Consentimiento, promovido por SANTIAGO VELA CONCEPCIÓN y ADDY GUADALUPE HORTA MATU, del índice del Juzgado Tercero Familiar de Centro, Tabasco.

SÉPTIMO. De conformidad con la fracción IV del artículo 229 del Código de Procedimientos Civiles en vigor en el Estado, comuníquese esta resolución a la ciudadana MARÍA ALEJANDRA VELA HORTA, en el lugar que fue notificada de este incidente y a FABIOLA GUADALUPE VELA HORTA, mediante publicación por una sola vez, los puntos resolutivos de la presente interlocutoria, en un periódico de mayor circulación de esta Ciudad, por ser domicilio ignorado.

OCTAVO. No se hace condenación en cuanto al pago de gastos y costas en esta instancia, por tratarse de un asunto de índole familiar, de conformidad con el numeral 99 fracción I, del código de procedimientos civiles en vigor en el Estado.

NOVENO. En su oportunidad y previas las anotaciones de rigor en el libro de gobierno que se lleva en este juzgado, archívese este incidente como asunto totalmente concluido. NOTIFÍQUESE PERSONALMENTE Y CÚMPLASE.

ASÍ, INTERLOCUTORIAMENTE JUZGANDO, LO RESOLVIÓ, MANDA Y FIRMA LA LICENCIADA MARTHA EUGENIA OROZCO JIMÉNEZ, JUEZA SEGUNDO FAMILIAR DE PRIMERA INSTANCIA DEL PRIMER DISTRITO JUDICIAL DEL CENTRO, TABASCO, ANTE LA LICENCIADA NORMA ALICIA ALAMILLA SUBIAUR, SECRETARIA JUDICIAL DE ACUERDOS QUE CERTIFICA Y DA FE....

EXPIDO EL PRESENTE EDICTO, A LOS (12) DOCE DÍAS DEL MES DE ABRIL DE DOS MMIL VEINTITRES, EN LA CIUDAD DE VILLAHERMOSA, CAPITAL DEL ESTADO DE TABASCO, MISMO QUE DEBERÁ PUBLICARSE, por una sola vez, los puntos resolutivos de la presente interlocutoria, en un periódico de mayor circulación de esta ciudad, por ser domicilio ignorado.

LA SECRETARIA JUDICIAL

LIC. NORMA ALICIA ALAMILLA SUBIAUR.

AV. CORONEL GREGORIO MÉNDEZ MAGAÑA S/N, GOL. ATASTA DE SERRA, VILLAHERMOSA., TAB. MEX. (FRENTE AL RECREATIVO DE ATASTA) C.P. 86100 JUZGADOS CIVILES Y FAMILIARES DEL CENTRO juzgadosegundofamiliarcentro@tsj-tabasco.gob.mx
